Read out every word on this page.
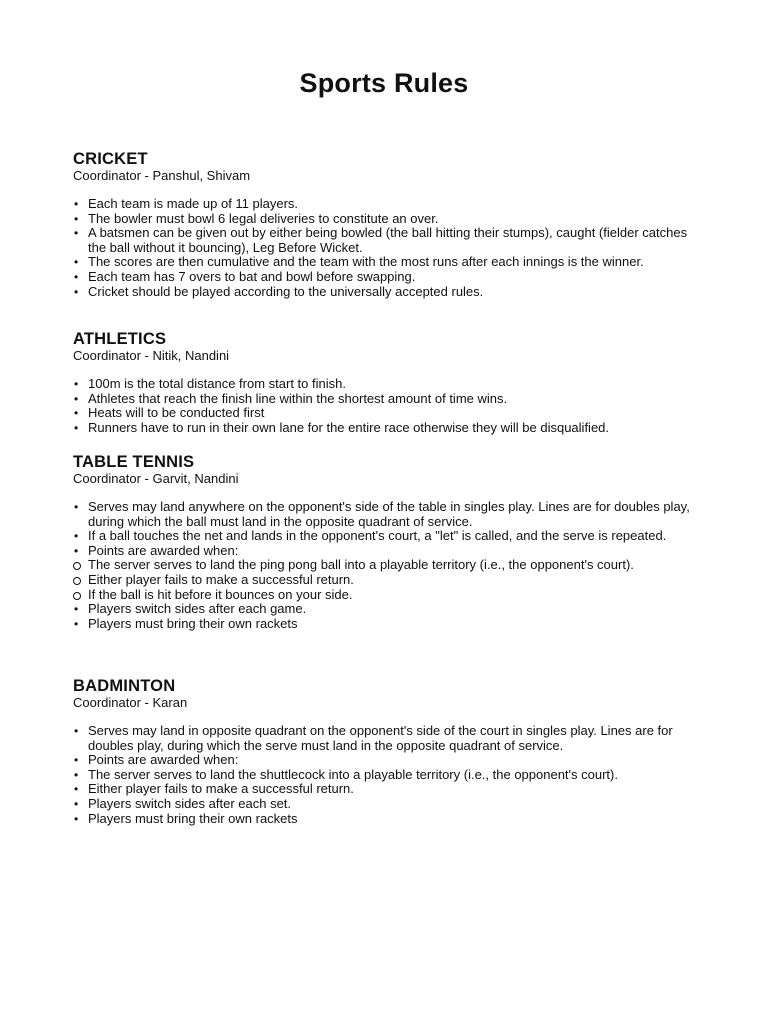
Sports Rules
CRICKET

Coordinator - Panshul, Shivam

• Each team is made up of 11 players.
• The bowler must bowl 6 legal deliveries to constitute an over.
• A batsmen can be given out by either being bowled (the ball hitting their stumps), caught (fielder catches the ball without it bouncing), Leg Before Wicket.
• The scores are then cumulative and the team with the most runs after each innings is the winner.
• Each team has 7 overs to bat and bowl before swapping.
• Cricket should be played according to the universally accepted rules.
ATHLETICS

Coordinator - Nitik, Nandini

• 100m is the total distance from start to finish.
• Athletes that reach the finish line within the shortest amount of time wins.
• Heats will to be conducted first
• Runners have to run in their own lane for the entire race otherwise they will be disqualified.
TABLE TENNIS

Coordinator - Garvit, Nandini

• Serves may land anywhere on the opponent's side of the table in singles play. Lines are for doubles play, during which the ball must land in the opposite quadrant of service.
• If a ball touches the net and lands in the opponent's court, a "let" is called, and the serve is repeated.
• Points are awarded when:
The server serves to land the ping pong ball into a playable territory (i.e., the opponent's court).
Either player fails to make a successful return.
If the ball is hit before it bounces on your side.
• Players switch sides after each game.
• Players must bring their own rackets
BADMINTON

Coordinator - Karan

• Serves may land in opposite quadrant on the opponent's side of the court in singles play. Lines are for doubles play, during which the serve must land in the opposite quadrant of service.
• Points are awarded when:
• The server serves to land the shuttlecock into a playable territory (i.e., the opponent's court).
• Either player fails to make a successful return.
• Players switch sides after each set.
• Players must bring their own rackets
